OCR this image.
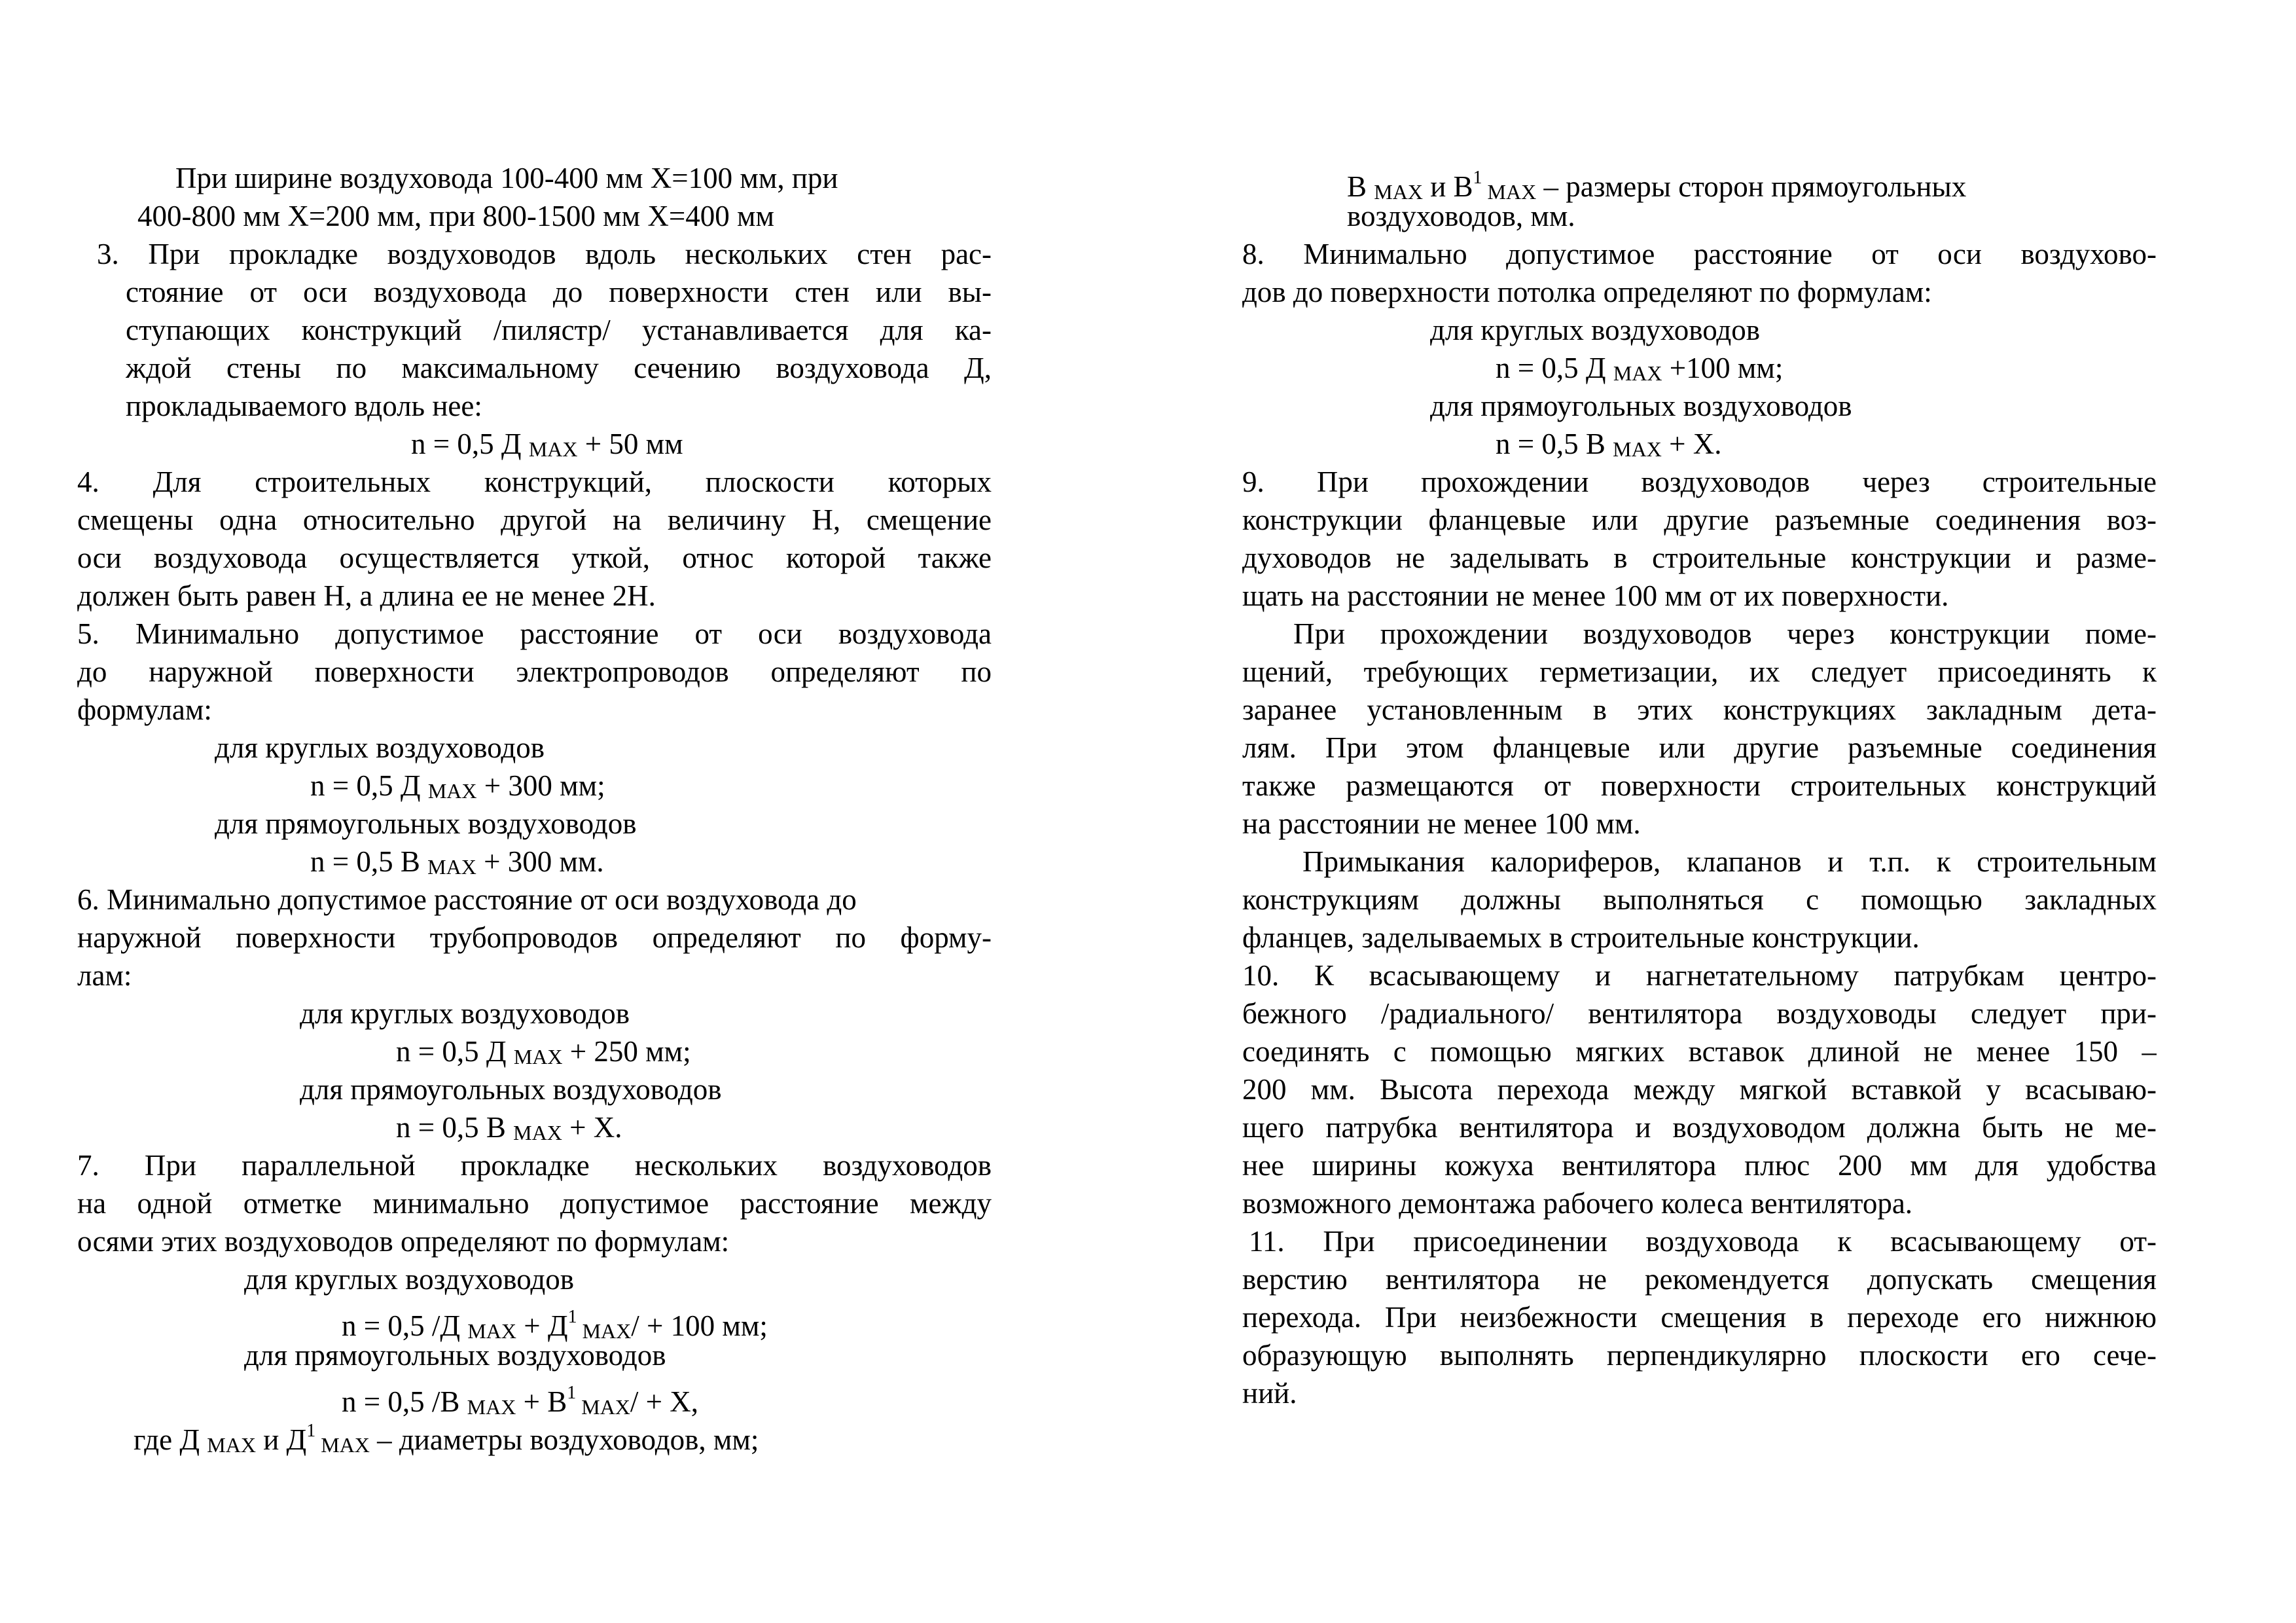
При ширине воздуховода 100-400 мм Х=100 мм, при
400-800 мм Х=200 мм, при 800-1500 мм Х=400 мм
3. При прокладке воздуховодов вдоль нескольких стен рас-
стояние от оси воздуховода до поверхности стен или вы-
ступающих конструкций /пилястр/ устанавливается для ка-
ждой стены по максимальному сечению воздуховода Д,
прокладываемого вдоль нее:
n = 0,5 Д MAX + 50 мм
4. Для строительных конструкций, плоскости которых
смещены одна относительно другой на величину Н, смещение
оси воздуховода осуществляется уткой, относ которой также
должен быть равен Н, а длина ее не менее 2Н.
5. Минимально допустимое расстояние от оси воздуховода
до наружной поверхности электропроводов определяют по
формулам:
для круглых воздуховодов
n = 0,5 Д MAX + 300 мм;
для прямоугольных воздуховодов
n = 0,5 В MAX + 300 мм.
6. Минимально допустимое расстояние от оси воздуховода до
наружной поверхности трубопроводов определяют по форму-
лам:
для круглых воздуховодов
n = 0,5 Д MAX + 250 мм;
для прямоугольных воздуховодов
n = 0,5 В MAX + Х.
7. При параллельной прокладке нескольких воздуховодов
на одной отметке минимально допустимое расстояние между
осями этих воздуховодов определяют по формулам:
для круглых воздуховодов
n = 0,5 /Д MAX + $Д^1$ MAX/ + 100 мм;
для прямоугольных воздуховодов
n = 0,5 /В MAX + $В^1$ MAX/ + Х,
где Д MAX и $Д^1$ MAX – диаметры воздуховодов, мм;
В MAX и $В^1$ MAX – размеры сторон прямоугольных
воздуховодов, мм.
8. Минимально допустимое расстояние от оси воздухово-
дов до поверхности потолка определяют по формулам:
для круглых воздуховодов
n = 0,5 Д MAX +100 мм;
для прямоугольных воздуховодов
n = 0,5 В MAX + Х.
9. При прохождении воздуховодов через строительные
конструкции фланцевые или другие разъемные соединения воз-
духоводов не заделывать в строительные конструкции и разме-
щать на расстоянии не менее 100 мм от их поверхности.
При прохождении воздуховодов через конструкции поме-
щений, требующих герметизации, их следует присоединять к
заранее установленным в этих конструкциях закладным дета-
лям. При этом фланцевые или другие разъемные соединения
также размещаются от поверхности строительных конструкций
на расстоянии не менее 100 мм.
Примыкания калориферов, клапанов и т.п. к строительным
конструкциям должны выполняться с помощью закладных
фланцев, заделываемых в строительные конструкции.
10. К всасывающему и нагнетательному патрубкам центро-
бежного /радиального/ вентилятора воздуховоды следует при-
соединять с помощью мягких вставок длиной не менее 150 –
200 мм. Высота перехода между мягкой вставкой у всасываю-
щего патрубка вентилятора и воздуховодом должна быть не ме-
нее ширины кожуха вентилятора плюс 200 мм для удобства
возможного демонтажа рабочего колеса вентилятора.
11. При присоединении воздуховода к всасывающему от-
верстию вентилятора не рекомендуется допускать смещения
перехода. При неизбежности смещения в переходе его нижнюю
образующую выполнять перпендикулярно плоскости его сече-
ний.
